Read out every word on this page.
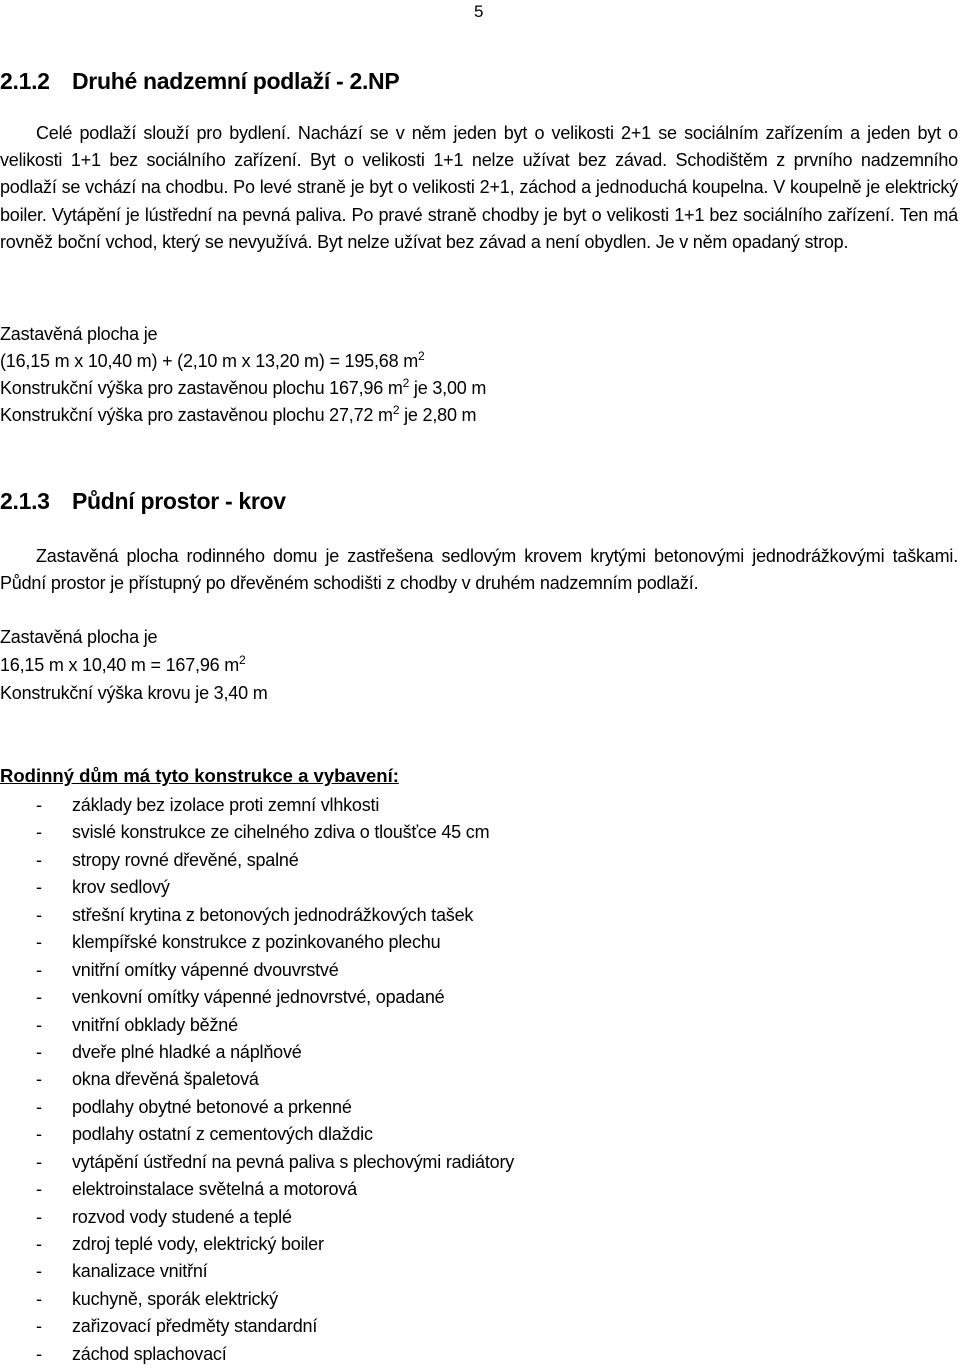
5
2.1.2 Druhé nadzemní podlaží - 2.NP

Celé podlaží slouží pro bydlení. Nachází se v něm jeden byt o velikosti 2+1 se sociálním zařízením a jeden byt o velikosti 1+1 bez sociálního zařízení. Byt o velikosti 1+1 nelze užívat bez závad. Schodištěm z prvního nadzemního podlaží se vchází na chodbu. Po levé straně je byt o velikosti 2+1, záchod a jednoduchá koupelna. V koupelně je elektrický boiler. Vytápění je lústřední na pevná paliva. Po pravé straně chodby je byt o velikosti 1+1 bez sociálního zařízení. Ten má rovněž boční vchod, který se nevyužívá. Byt nelze užívat bez závad a není obydlen. Je v něm opadaný strop.

Zastavěná plocha je
(16,15 m x 10,40 m) + (2,10 m x 13,20 m) = 195,68 $m^2$
Konstrukční výška pro zastavěnou plochu 167,96 $m^2$ je 3,00 m
Konstrukční výška pro zastavěnou plochu 27,72 $m^2$ je 2,80 m
2.1.3 Půdní prostor - krov

Zastavěná plocha rodinného domu je zastřešena sedlovým krovem krytými betonovými jednodrážkovými taškami. Půdní prostor je přístupný po dřevěném schodišti z chodby v druhém nadzemním podlaží.

Zastavěná plocha je
16,15 m x 10,40 m = 167,96 $m^2$
Konstrukční výška krovu je 3,40 m
Rodinný dům má tyto konstrukce a vybavení:
- základy bez izolace proti zemní vlhkosti
- svislé konstrukce ze cihelného zdiva o tloušťce 45 cm
- stropy rovné dřevěné, spalné
- krov sedlový
- střešní krytina z betonových jednodrážkových tašek
- klempířské konstrukce z pozinkovaného plechu
- vnitřní omítky vápenné dvouvrstvé
- venkovní omítky vápenné jednovrstvé, opadané
- vnitřní obklady běžné
- dveře plné hladké a náplňové
- okna dřevěná špaletová
- podlahy obytné betonové a prkenné
- podlahy ostatní z cementových dlaždic
- vytápění ústřední na pevná paliva s plechovými radiátory
- elektroinstalace světelná a motorová
- rozvod vody studené a teplé
- zdroj teplé vody, elektrický boiler
- kanalizace vnitřní
- kuchyně, sporák elektrický
- zařizovací předměty standardní
- záchod splachovací
